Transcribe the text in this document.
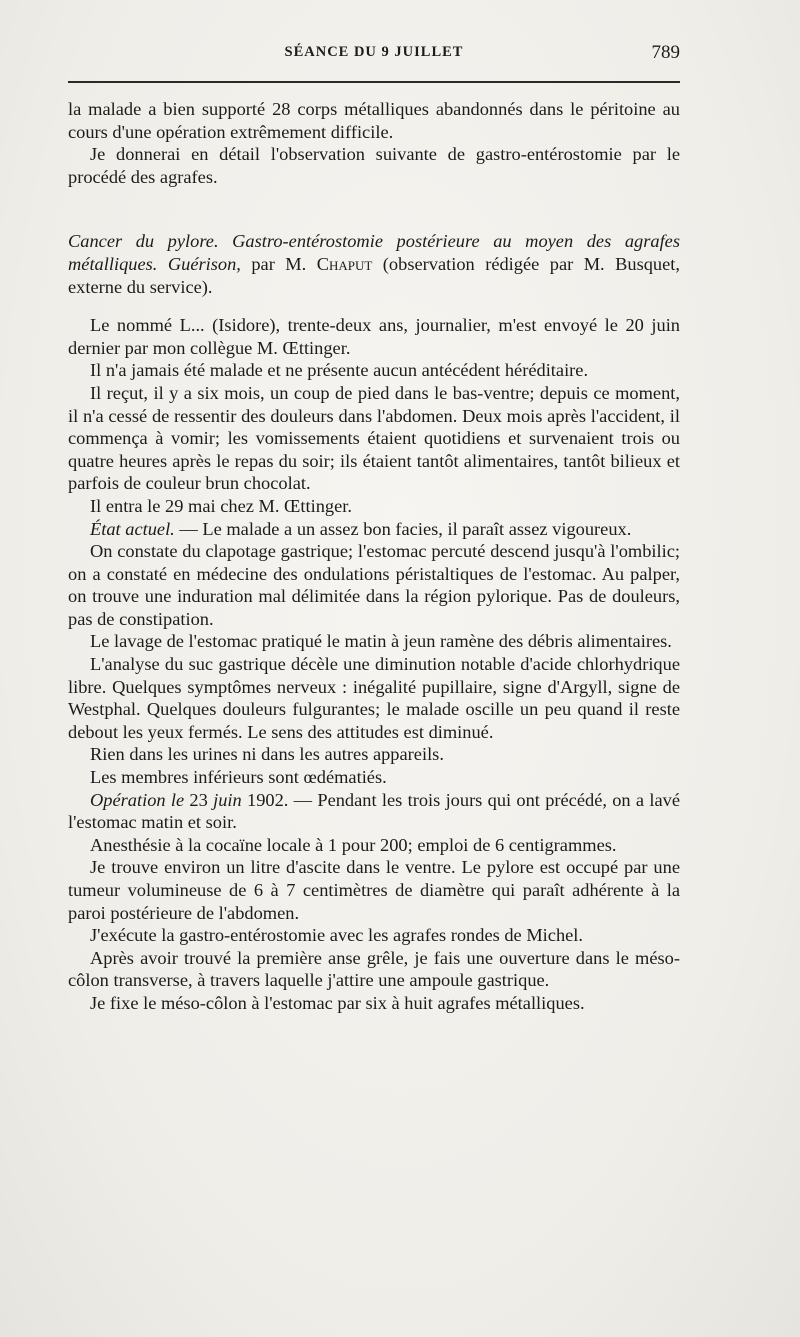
SÉANCE DU 9 JUILLET	789

la malade a bien supporté 28 corps métalliques abandonnés dans le péritoine au cours d'une opération extrêmement difficile.

Je donnerai en détail l'observation suivante de gastro-entérostomie par le procédé des agrafes.

Cancer du pylore. Gastro-entérostomie postérieure au moyen des agrafes métalliques. Guérison, par M. Chaput (observation rédigée par M. Busquet, externe du service).

Le nommé L... (Isidore), trente-deux ans, journalier, m'est envoyé le 20 juin dernier par mon collègue M. Œttinger.

Il n'a jamais été malade et ne présente aucun antécédent héréditaire.

Il reçut, il y a six mois, un coup de pied dans le bas-ventre; depuis ce moment, il n'a cessé de ressentir des douleurs dans l'abdomen. Deux mois après l'accident, il commença à vomir; les vomissements étaient quotidiens et survenaient trois ou quatre heures après le repas du soir; ils étaient tantôt alimentaires, tantôt bilieux et parfois de couleur brun chocolat.

Il entra le 29 mai chez M. Œttinger.

État actuel. — Le malade a un assez bon facies, il paraît assez vigoureux.

On constate du clapotage gastrique; l'estomac percuté descend jusqu'à l'ombilic; on a constaté en médecine des ondulations péristaltiques de l'estomac. Au palper, on trouve une induration mal délimitée dans la région pylorique. Pas de douleurs, pas de constipation.

Le lavage de l'estomac pratiqué le matin à jeun ramène des débris alimentaires.

L'analyse du suc gastrique décèle une diminution notable d'acide chlorhydrique libre. Quelques symptômes nerveux : inégalité pupillaire, signe d'Argyll, signe de Westphal. Quelques douleurs fulgurantes; le malade oscille un peu quand il reste debout les yeux fermés. Le sens des attitudes est diminué.

Rien dans les urines ni dans les autres appareils.

Les membres inférieurs sont œdématiés.

Opération le 23 juin 1902. — Pendant les trois jours qui ont précédé, on a lavé l'estomac matin et soir.

Anesthésie à la cocaïne locale à 1 pour 200; emploi de 6 centigrammes.

Je trouve environ un litre d'ascite dans le ventre. Le pylore est occupé par une tumeur volumineuse de 6 à 7 centimètres de diamètre qui paraît adhérente à la paroi postérieure de l'abdomen.

J'exécute la gastro-entérostomie avec les agrafes rondes de Michel.

Après avoir trouvé la première anse grêle, je fais une ouverture dans le méso-côlon transverse, à travers laquelle j'attire une ampoule gastrique.

Je fixe le méso-côlon à l'estomac par six à huit agrafes métalliques.
